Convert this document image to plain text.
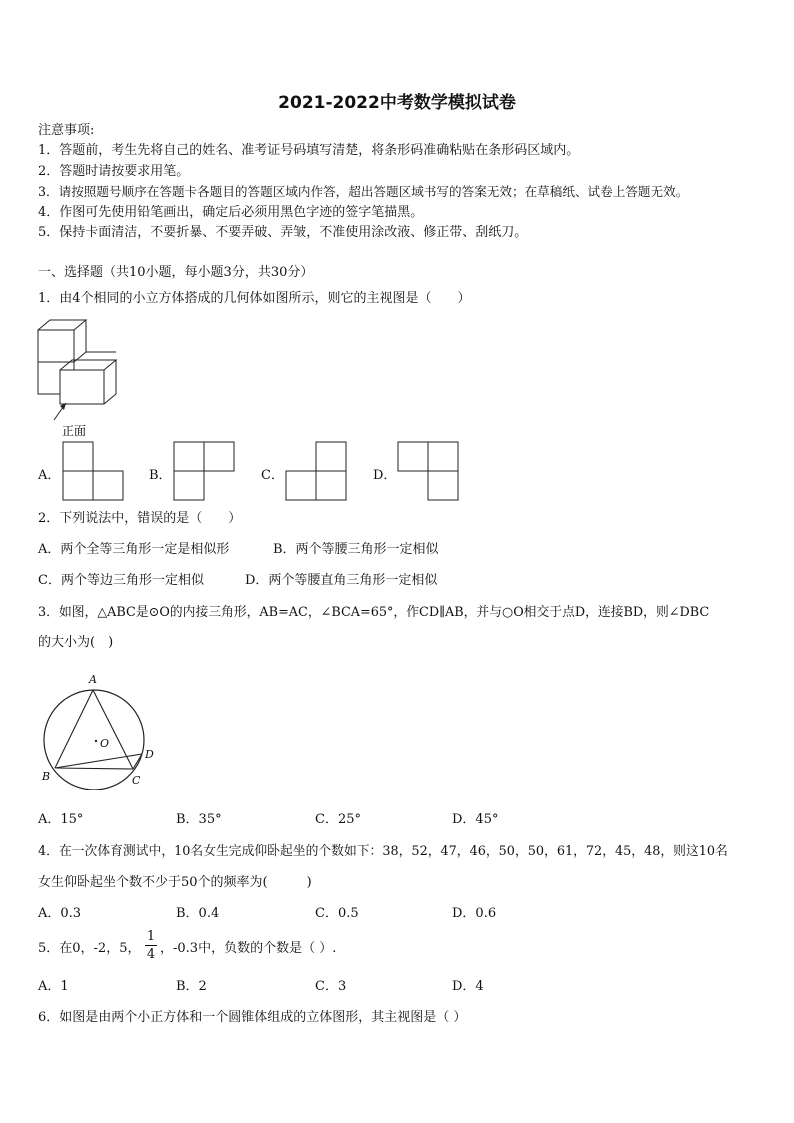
2021-2022中考数学模拟试卷
注意事项:
1．答题前，考生先将自己的姓名、准考证号码填写清楚，将条形码准确粘贴在条形码区域内。
2．答题时请按要求用笔。
3．请按照题号顺序在答题卡各题目的答题区域内作答，超出答题区域书写的答案无效；在草稿纸、试卷上答题无效。
4．作图可先使用铅笔画出，确定后必须用黑色字迹的签字笔描黑。
5．保持卡面清洁，不要折暴、不要弄破、弄皱，不准使用涂改液、修正带、刮纸刀。
一、选择题（共10小题，每小题3分，共30分）
1．由4个相同的小立方体搭成的几何体如图所示，则它的主视图是（　　）
正面
A．	B．	C．	D．
2．下列说法中，错误的是（　　）
A．两个全等三角形一定是相似形	B．两个等腰三角形一定相似
C．两个等边三角形一定相似	D．两个等腰直角三角形一定相似
3．如图，△ABC是⊙O的内接三角形，AB=AC，∠BCA=65°，作CD∥AB，并与○O相交于点D，连接BD，则∠DBC
的大小为(　)
A
B	C
D
O
A．15°	B．35°	C．25°	D．45°
4．在一次体育测试中，10名女生完成仰卧起坐的个数如下：38，52，47，46，50，50，61，72，45，48，则这10名
女生仰卧起坐个数不少于50个的频率为(　　　)
A．0.3	B．0.4	C．0.5	D．0.6
5．在0，-2，5，
1
4 ，-0.3中，负数的个数是（ ）.
A．1	B．2	C．3	D．4
6．如图是由两个小正方体和一个圆锥体组成的立体图形，其主视图是（ ）
